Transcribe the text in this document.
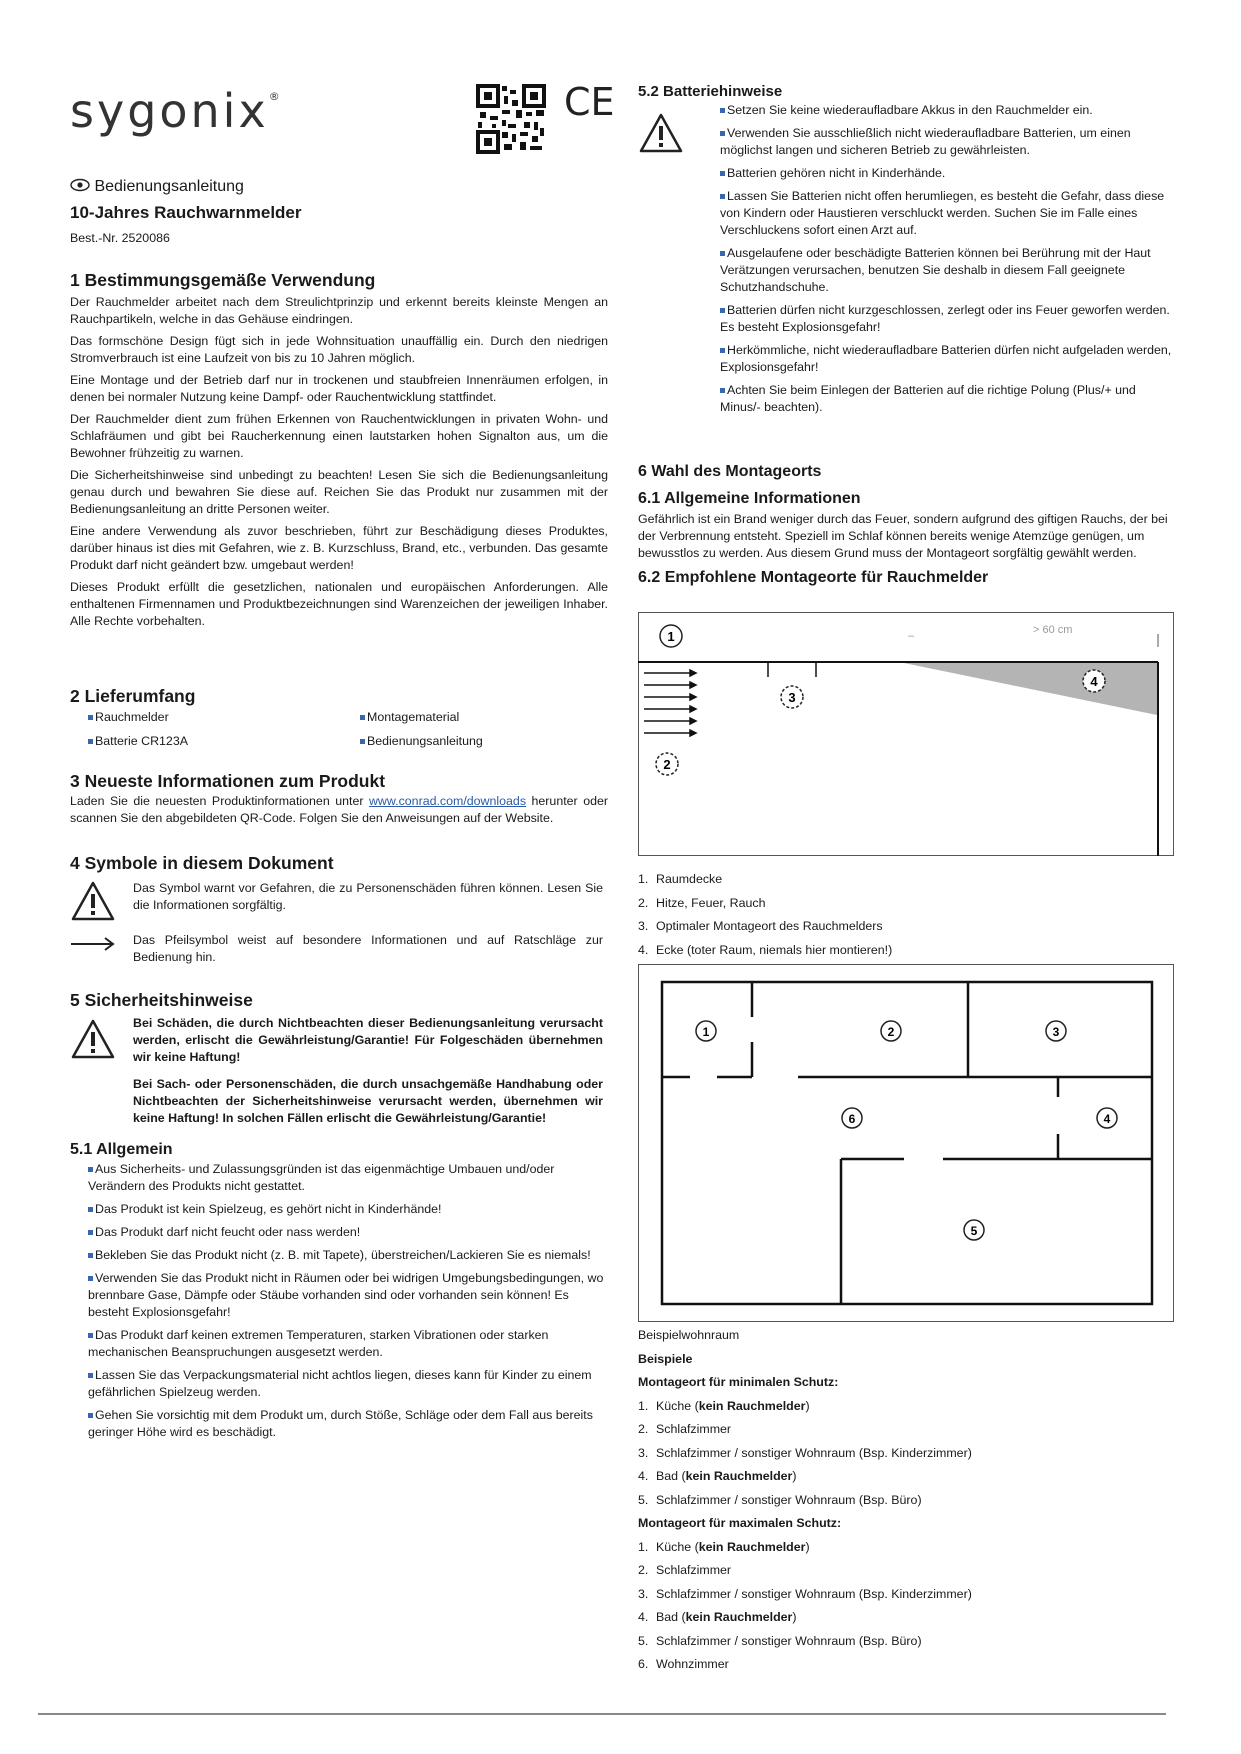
sygonix®	CE
Bedienungsanleitung
10-Jahres Rauchwarnmelder
Best.-Nr. 2520086
1 Bestimmungsgemäße Verwendung

Der Rauchmelder arbeitet nach dem Streulichtprinzip und erkennt bereits kleinste Mengen an Rauchpartikeln, welche in das Gehäuse eindringen.

Das formschöne Design fügt sich in jede Wohnsituation unauffällig ein. Durch den niedrigen Stromverbrauch ist eine Laufzeit von bis zu 10 Jahren möglich.

Eine Montage und der Betrieb darf nur in trockenen und staubfreien Innenräumen erfolgen, in denen bei normaler Nutzung keine Dampf- oder Rauchentwicklung stattfindet.

Der Rauchmelder dient zum frühen Erkennen von Rauchentwicklungen in privaten Wohn- und Schlafräumen und gibt bei Raucherkennung einen lautstarken hohen Signalton aus, um die Bewohner frühzeitig zu warnen.

Die Sicherheitshinweise sind unbedingt zu beachten! Lesen Sie sich die Bedienungsanleitung genau durch und bewahren Sie diese auf. Reichen Sie das Produkt nur zusammen mit der Bedienungsanleitung an dritte Personen weiter.

Eine andere Verwendung als zuvor beschrieben, führt zur Beschädigung dieses Produktes, darüber hinaus ist dies mit Gefahren, wie z. B. Kurzschluss, Brand, etc., verbunden. Das gesamte Produkt darf nicht geändert bzw. umgebaut werden!

Dieses Produkt erfüllt die gesetzlichen, nationalen und europäischen Anforderungen. Alle enthaltenen Firmennamen und Produktbezeichnungen sind Warenzeichen der jeweiligen Inhaber. Alle Rechte vorbehalten.

2 Lieferumfang
Rauchmelder	Montagematerial
Batterie CR123A	Bedienungsanleitung
3 Neueste Informationen zum Produkt

Laden Sie die neuesten Produktinformationen unter www.conrad.com/downloads herunter oder scannen Sie den abgebildeten QR-Code. Folgen Sie den Anweisungen auf der Website.

4 Symbole in diesem Dokument

Das Symbol warnt vor Gefahren, die zu Personenschäden führen können. Lesen Sie die Informationen sorgfältig.

Das Pfeilsymbol weist auf besondere Informationen und auf Ratschläge zur Bedienung hin.

5 Sicherheitshinweise

Bei Schäden, die durch Nichtbeachten dieser Bedienungsanleitung verursacht werden, erlischt die Gewährleistung/Garantie! Für Folgeschäden übernehmen wir keine Haftung!

Bei Sach- oder Personenschäden, die durch unsachgemäße Handhabung oder Nichtbeachten der Sicherheitshinweise verursacht werden, übernehmen wir keine Haftung! In solchen Fällen erlischt die Gewährleistung/Garantie!

5.1 Allgemein
Aus Sicherheits- und Zulassungsgründen ist das eigenmächtige Umbauen und/oder Verändern des Produkts nicht gestattet.
Das Produkt ist kein Spielzeug, es gehört nicht in Kinderhände!
Das Produkt darf nicht feucht oder nass werden!
Bekleben Sie das Produkt nicht (z. B. mit Tapete), überstreichen/Lackieren Sie es niemals!
Verwenden Sie das Produkt nicht in Räumen oder bei widrigen Umgebungsbedingungen, wo brennbare Gase, Dämpfe oder Stäube vorhanden sind oder vorhanden sein können! Es besteht Explosionsgefahr!
Das Produkt darf keinen extremen Temperaturen, starken Vibrationen oder starken mechanischen Beanspruchungen ausgesetzt werden.
Lassen Sie das Verpackungsmaterial nicht achtlos liegen, dieses kann für Kinder zu einem gefährlichen Spielzeug werden.
Gehen Sie vorsichtig mit dem Produkt um, durch Stöße, Schläge oder dem Fall aus bereits geringer Höhe wird es beschädigt.
5.2 Batteriehinweise
Setzen Sie keine wiederaufladbare Akkus in den Rauchmelder ein.
Verwenden Sie ausschließlich nicht wiederaufladbare Batterien, um einen möglichst langen und sicheren Betrieb zu gewährleisten.
Batterien gehören nicht in Kinderhände.
Lassen Sie Batterien nicht offen herumliegen, es besteht die Gefahr, dass diese von Kindern oder Haustieren verschluckt werden. Suchen Sie im Falle eines Verschluckens sofort einen Arzt auf.
Ausgelaufene oder beschädigte Batterien können bei Berührung mit der Haut Verätzungen verursachen, benutzen Sie deshalb in diesem Fall geeignete Schutzhandschuhe.
Batterien dürfen nicht kurzgeschlossen, zerlegt oder ins Feuer geworfen werden. Es besteht Explosionsgefahr!
Herkömmliche, nicht wiederaufladbare Batterien dürfen nicht aufgeladen werden, Explosionsgefahr!
Achten Sie beim Einlegen der Batterien auf die richtige Polung (Plus/+ und Minus/- beachten).
6 Wahl des Montageorts
6.1 Allgemeine Informationen

Gefährlich ist ein Brand weniger durch das Feuer, sondern aufgrund des giftigen Rauchs, der bei der Verbrennung entsteht. Speziell im Schlaf können bereits wenige Atemzüge genügen, um bewusstlos zu werden. Aus diesem Grund muss der Montageort sorgfältig gewählt werden.

6.2 Empfohlene Montageorte für Rauchmelder
> 60 cm
–
1
2
3
4
1. Raumdecke
2. Hitze, Feuer, Rauch
3. Optimaler Montageort des Rauchmelders
4. Ecke (toter Raum, niemals hier montieren!)
1	2	3
4
5
6
Beispielwohnraum
Beispiele
Montageort für minimalen Schutz:
1. Küche (kein Rauchmelder)
2. Schlafzimmer
3. Schlafzimmer / sonstiger Wohnraum (Bsp. Kinderzimmer)
4. Bad (kein Rauchmelder)
5. Schlafzimmer / sonstiger Wohnraum (Bsp. Büro)
Montageort für maximalen Schutz:
1. Küche (kein Rauchmelder)
2. Schlafzimmer
3. Schlafzimmer / sonstiger Wohnraum (Bsp. Kinderzimmer)
4. Bad (kein Rauchmelder)
5. Schlafzimmer / sonstiger Wohnraum (Bsp. Büro)
6. Wohnzimmer
